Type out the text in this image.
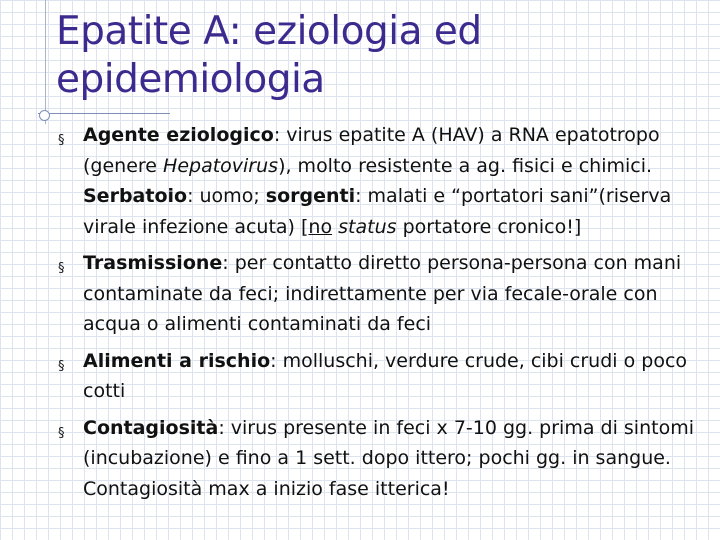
Epatite A: eziologia ed epidemiologia
§ Agente eziologico: virus epatite A (HAV) a RNA epatotropo (genere Hepatovirus), molto resistente a ag. fisici e chimici. Serbatoio: uomo; sorgenti: malati e “portatori sani”(riserva virale infezione acuta) [no status portatore cronico!]
§ Trasmissione: per contatto diretto persona-persona con mani contaminate da feci; indirettamente per via fecale-orale con acqua o alimenti contaminati da feci
§ Alimenti a rischio: molluschi, verdure crude, cibi crudi o poco cotti
§ Contagiosità: virus presente in feci x 7-10 gg. prima di sintomi (incubazione) e fino a 1 sett. dopo ittero; pochi gg. in sangue. Contagiosità max a inizio fase itterica!
